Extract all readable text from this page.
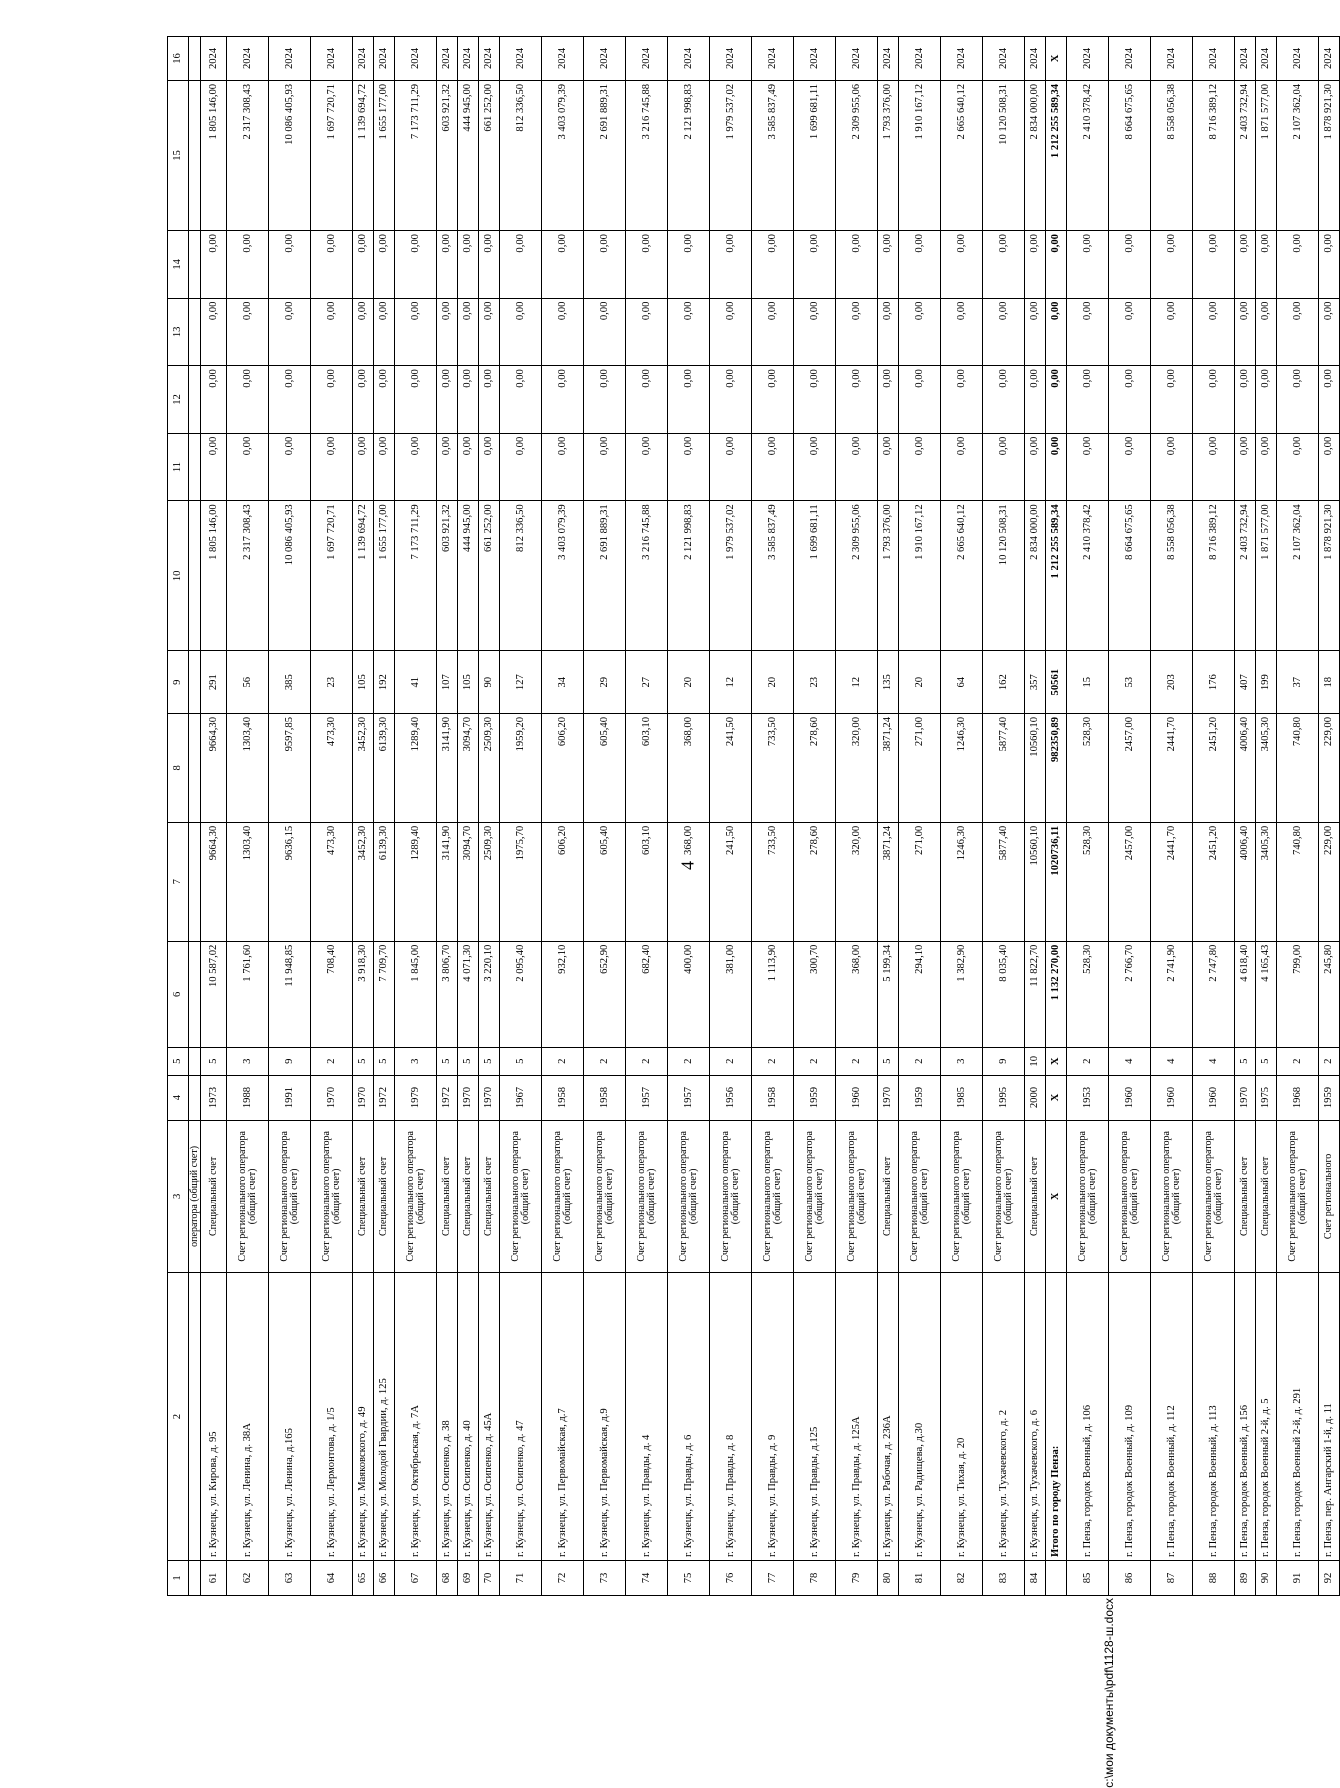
4
1	2	3	4	5	6	7	8	9	10	11	12	13	14	15	16
		оператора (общий счет)													
61	г. Кузнецк, ул. Кирова, д. 95	Специальный счет	1973	5	10 587,02	9664,30	9664,30	291	1 805 146,00	0,00	0,00	0,00	0,00	1 805 146,00	2024
62	г. Кузнецк, ул. Ленина, д. 38А	Счет регионального оператора (общий счет)	1988	3	1 761,60	1303,40	1303,40	56	2 317 308,43	0,00	0,00	0,00	0,00	2 317 308,43	2024
63	г. Кузнецк, ул. Ленина, д.165	Счет регионального оператора (общий счет)	1991	9	11 948,85	9636,15	9597,85	385	10 086 405,93	0,00	0,00	0,00	0,00	10 086 405,93	2024
64	г. Кузнецк, ул. Лермонтова, д. 1/5	Счет регионального оператора (общий счет)	1970	2	708,40	473,30	473,30	23	1 697 720,71	0,00	0,00	0,00	0,00	1 697 720,71	2024
65	г. Кузнецк, ул. Маяковского, д. 49	Специальный счет	1970	5	3 918,30	3452,30	3452,30	105	1 139 694,72	0,00	0,00	0,00	0,00	1 139 694,72	2024
66	г. Кузнецк, ул. Молодой Гвардии, д. 125	Специальный счет	1972	5	7 709,70	6139,30	6139,30	192	1 655 177,00	0,00	0,00	0,00	0,00	1 655 177,00	2024
67	г. Кузнецк, ул. Октябрьская, д. 7А	Счет регионального оператора (общий счет)	1979	3	1 845,00	1289,40	1289,40	41	7 173 711,29	0,00	0,00	0,00	0,00	7 173 711,29	2024
68	г. Кузнецк, ул. Осипенко, д. 38	Специальный счет	1972	5	3 806,70	3141,90	3141,90	107	603 921,32	0,00	0,00	0,00	0,00	603 921,32	2024
69	г. Кузнецк, ул. Осипенко, д. 40	Специальный счет	1970	5	4 071,30	3094,70	3094,70	105	444 945,00	0,00	0,00	0,00	0,00	444 945,00	2024
70	г. Кузнецк, ул. Осипенко, д. 45А	Специальный счет	1970	5	3 220,10	2509,30	2509,30	90	661 252,00	0,00	0,00	0,00	0,00	661 252,00	2024
71	г. Кузнецк, ул. Осипенко, д. 47	Счет регионального оператора (общий счет)	1967	5	2 095,40	1975,70	1959,20	127	812 336,50	0,00	0,00	0,00	0,00	812 336,50	2024
72	г. Кузнецк, ул. Первомайская, д.7	Счет регионального оператора (общий счет)	1958	2	932,10	606,20	606,20	34	3 403 079,39	0,00	0,00	0,00	0,00	3 403 079,39	2024
73	г. Кузнецк, ул. Первомайская, д.9	Счет регионального оператора (общий счет)	1958	2	652,90	605,40	605,40	29	2 691 889,31	0,00	0,00	0,00	0,00	2 691 889,31	2024
74	г. Кузнецк, ул. Правды, д. 4	Счет регионального оператора (общий счет)	1957	2	682,40	603,10	603,10	27	3 216 745,88	0,00	0,00	0,00	0,00	3 216 745,88	2024
75	г. Кузнецк, ул. Правды, д. 6	Счет регионального оператора (общий счет)	1957	2	400,00	368,00	368,00	20	2 121 998,83	0,00	0,00	0,00	0,00	2 121 998,83	2024
76	г. Кузнецк, ул. Правды, д. 8	Счет регионального оператора (общий счет)	1956	2	381,00	241,50	241,50	12	1 979 537,02	0,00	0,00	0,00	0,00	1 979 537,02	2024
77	г. Кузнецк, ул. Правды, д. 9	Счет регионального оператора (общий счет)	1958	2	1 113,90	733,50	733,50	20	3 585 837,49	0,00	0,00	0,00	0,00	3 585 837,49	2024
78	г. Кузнецк, ул. Правды, д.125	Счет регионального оператора (общий счет)	1959	2	300,70	278,60	278,60	23	1 699 681,11	0,00	0,00	0,00	0,00	1 699 681,11	2024
79	г. Кузнецк, ул. Правды, д. 125А	Счет регионального оператора (общий счет)	1960	2	368,00	320,00	320,00	12	2 309 955,06	0,00	0,00	0,00	0,00	2 309 955,06	2024
80	г. Кузнецк, ул. Рабочая, д. 236А	Специальный счет	1970	5	5 199,34	3871,24	3871,24	135	1 793 376,00	0,00	0,00	0,00	0,00	1 793 376,00	2024
81	г. Кузнецк, ул. Радищева, д.30	Счет регионального оператора (общий счет)	1959	2	294,10	271,00	271,00	20	1 910 167,12	0,00	0,00	0,00	0,00	1 910 167,12	2024
82	г. Кузнецк, ул. Тихая, д. 20	Счет регионального оператора (общий счет)	1985	3	1 382,90	1246,30	1246,30	64	2 665 640,12	0,00	0,00	0,00	0,00	2 665 640,12	2024
83	г. Кузнецк, ул. Тухачевского, д. 2	Счет регионального оператора (общий счет)	1995	9	8 035,40	5877,40	5877,40	162	10 120 508,31	0,00	0,00	0,00	0,00	10 120 508,31	2024
84	г. Кузнецк, ул. Тухачевского, д. 6	Специальный счет	2000	10	11 822,70	10560,10	10560,10	357	2 834 000,00	0,00	0,00	0,00	0,00	2 834 000,00	2024
	Итого по городу Пенза:	X	X	X	1 132 270,00	1020736,11	982350,89	50561	1 212 255 589,34	0,00	0,00	0,00	0,00	1 212 255 589,34	X
85	г. Пенза, городок Военный, д. 106	Счет регионального оператора (общий счет)	1953	2	528,30	528,30	528,30	15	2 410 378,42	0,00	0,00	0,00	0,00	2 410 378,42	2024
86	г. Пенза, городок Военный, д. 109	Счет регионального оператора (общий счет)	1960	4	2 766,70	2457,00	2457,00	53	8 664 675,65	0,00	0,00	0,00	0,00	8 664 675,65	2024
87	г. Пенза, городок Военный, д. 112	Счет регионального оператора (общий счет)	1960	4	2 741,90	2441,70	2441,70	203	8 558 056,38	0,00	0,00	0,00	0,00	8 558 056,38	2024
88	г. Пенза, городок Военный, д. 113	Счет регионального оператора (общий счет)	1960	4	2 747,80	2451,20	2451,20	176	8 716 389,12	0,00	0,00	0,00	0,00	8 716 389,12	2024
89	г. Пенза, городок Военный, д. 156	Специальный счет	1970	5	4 618,40	4006,40	4006,40	407	2 403 732,94	0,00	0,00	0,00	0,00	2 403 732,94	2024
90	г. Пенза, городок Военный 2-й, д. 5	Специальный счет	1975	5	4 165,43	3405,30	3405,30	199	1 871 577,00	0,00	0,00	0,00	0,00	1 871 577,00	2024
91	г. Пенза, городок Военный 2-й, д. 291	Счет регионального оператора (общий счет)	1968	2	799,00	740,80	740,80	37	2 107 362,04	0,00	0,00	0,00	0,00	2 107 362,04	2024
92	г. Пенза, пер. Ангарский 1-й, д. 11	Счет регионального	1959	2	245,80	229,00	229,00	18	1 878 921,30	0,00	0,00	0,00	0,00	1 878 921,30	2024
c:\мои документы\pdf\1128-ш.docx
